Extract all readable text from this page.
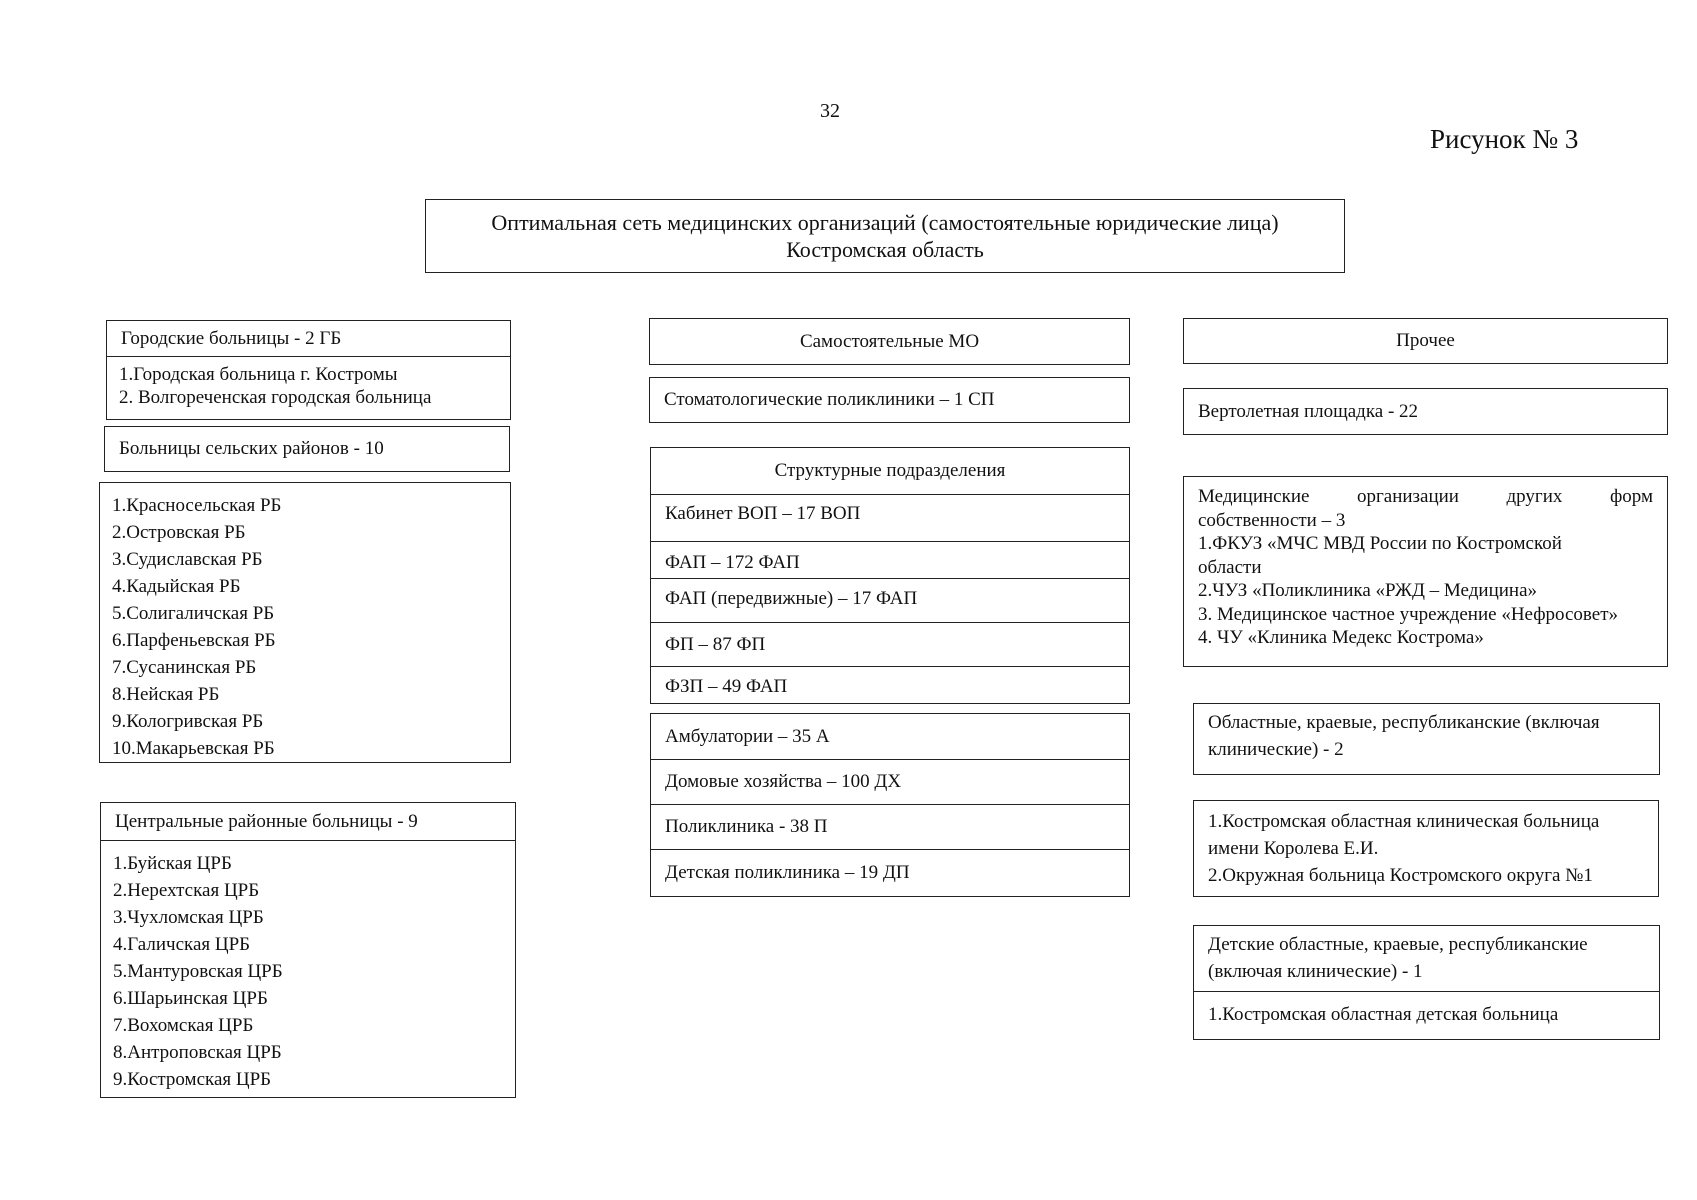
32
Рисунок № 3
Оптимальная сеть медицинских организаций (самостоятельные юридические лица)
Костромская область
Городские больницы - 2 ГБ
1.Городская больница г. Костромы
2. Волгореченская городская больница
Больницы сельских районов - 10
1.Красносельская РБ
2.Островская РБ
3.Судиславская РБ
4.Кадыйская РБ
5.Солигаличская РБ
6.Парфеньевская РБ
7.Сусанинская РБ
8.Нейская РБ
9.Кологривская РБ
10.Макарьевская РБ
Центральные районные больницы - 9
1.Буйская ЦРБ
2.Нерехтская ЦРБ
3.Чухломская ЦРБ
4.Галичская ЦРБ
5.Мантуровская ЦРБ
6.Шарьинская ЦРБ
7.Вохомская ЦРБ
8.Антроповская ЦРБ
9.Костромская ЦРБ
Самостоятельные МО
Стоматологические поликлиники – 1 СП
Структурные подразделения
Кабинет ВОП – 17 ВОП
ФАП – 172 ФАП
ФАП (передвижные) – 17 ФАП
ФП – 87 ФП
ФЗП – 49 ФАП
Амбулатории – 35 А
Домовые хозяйства – 100 ДХ
Поликлиника - 38 П
Детская поликлиника – 19 ДП
Прочее
Вертолетная площадка - 22
Медицинские	организации	других	форм
собственности – 3
1.ФКУЗ «МЧС МВД России по Костромской
области
2.ЧУЗ «Поликлиника «РЖД – Медицина»
3. Медицинское частное учреждение «Нефросовет»
4. ЧУ «Клиника Медекс Кострома»
Областные, краевые, республиканские (включая
клинические) - 2
1.Костромская областная клиническая больница
имени Королева Е.И.
2.Окружная больница Костромского округа №1
Детские областные, краевые, республиканские
(включая клинические) - 1
1.Костромская областная детская больница
